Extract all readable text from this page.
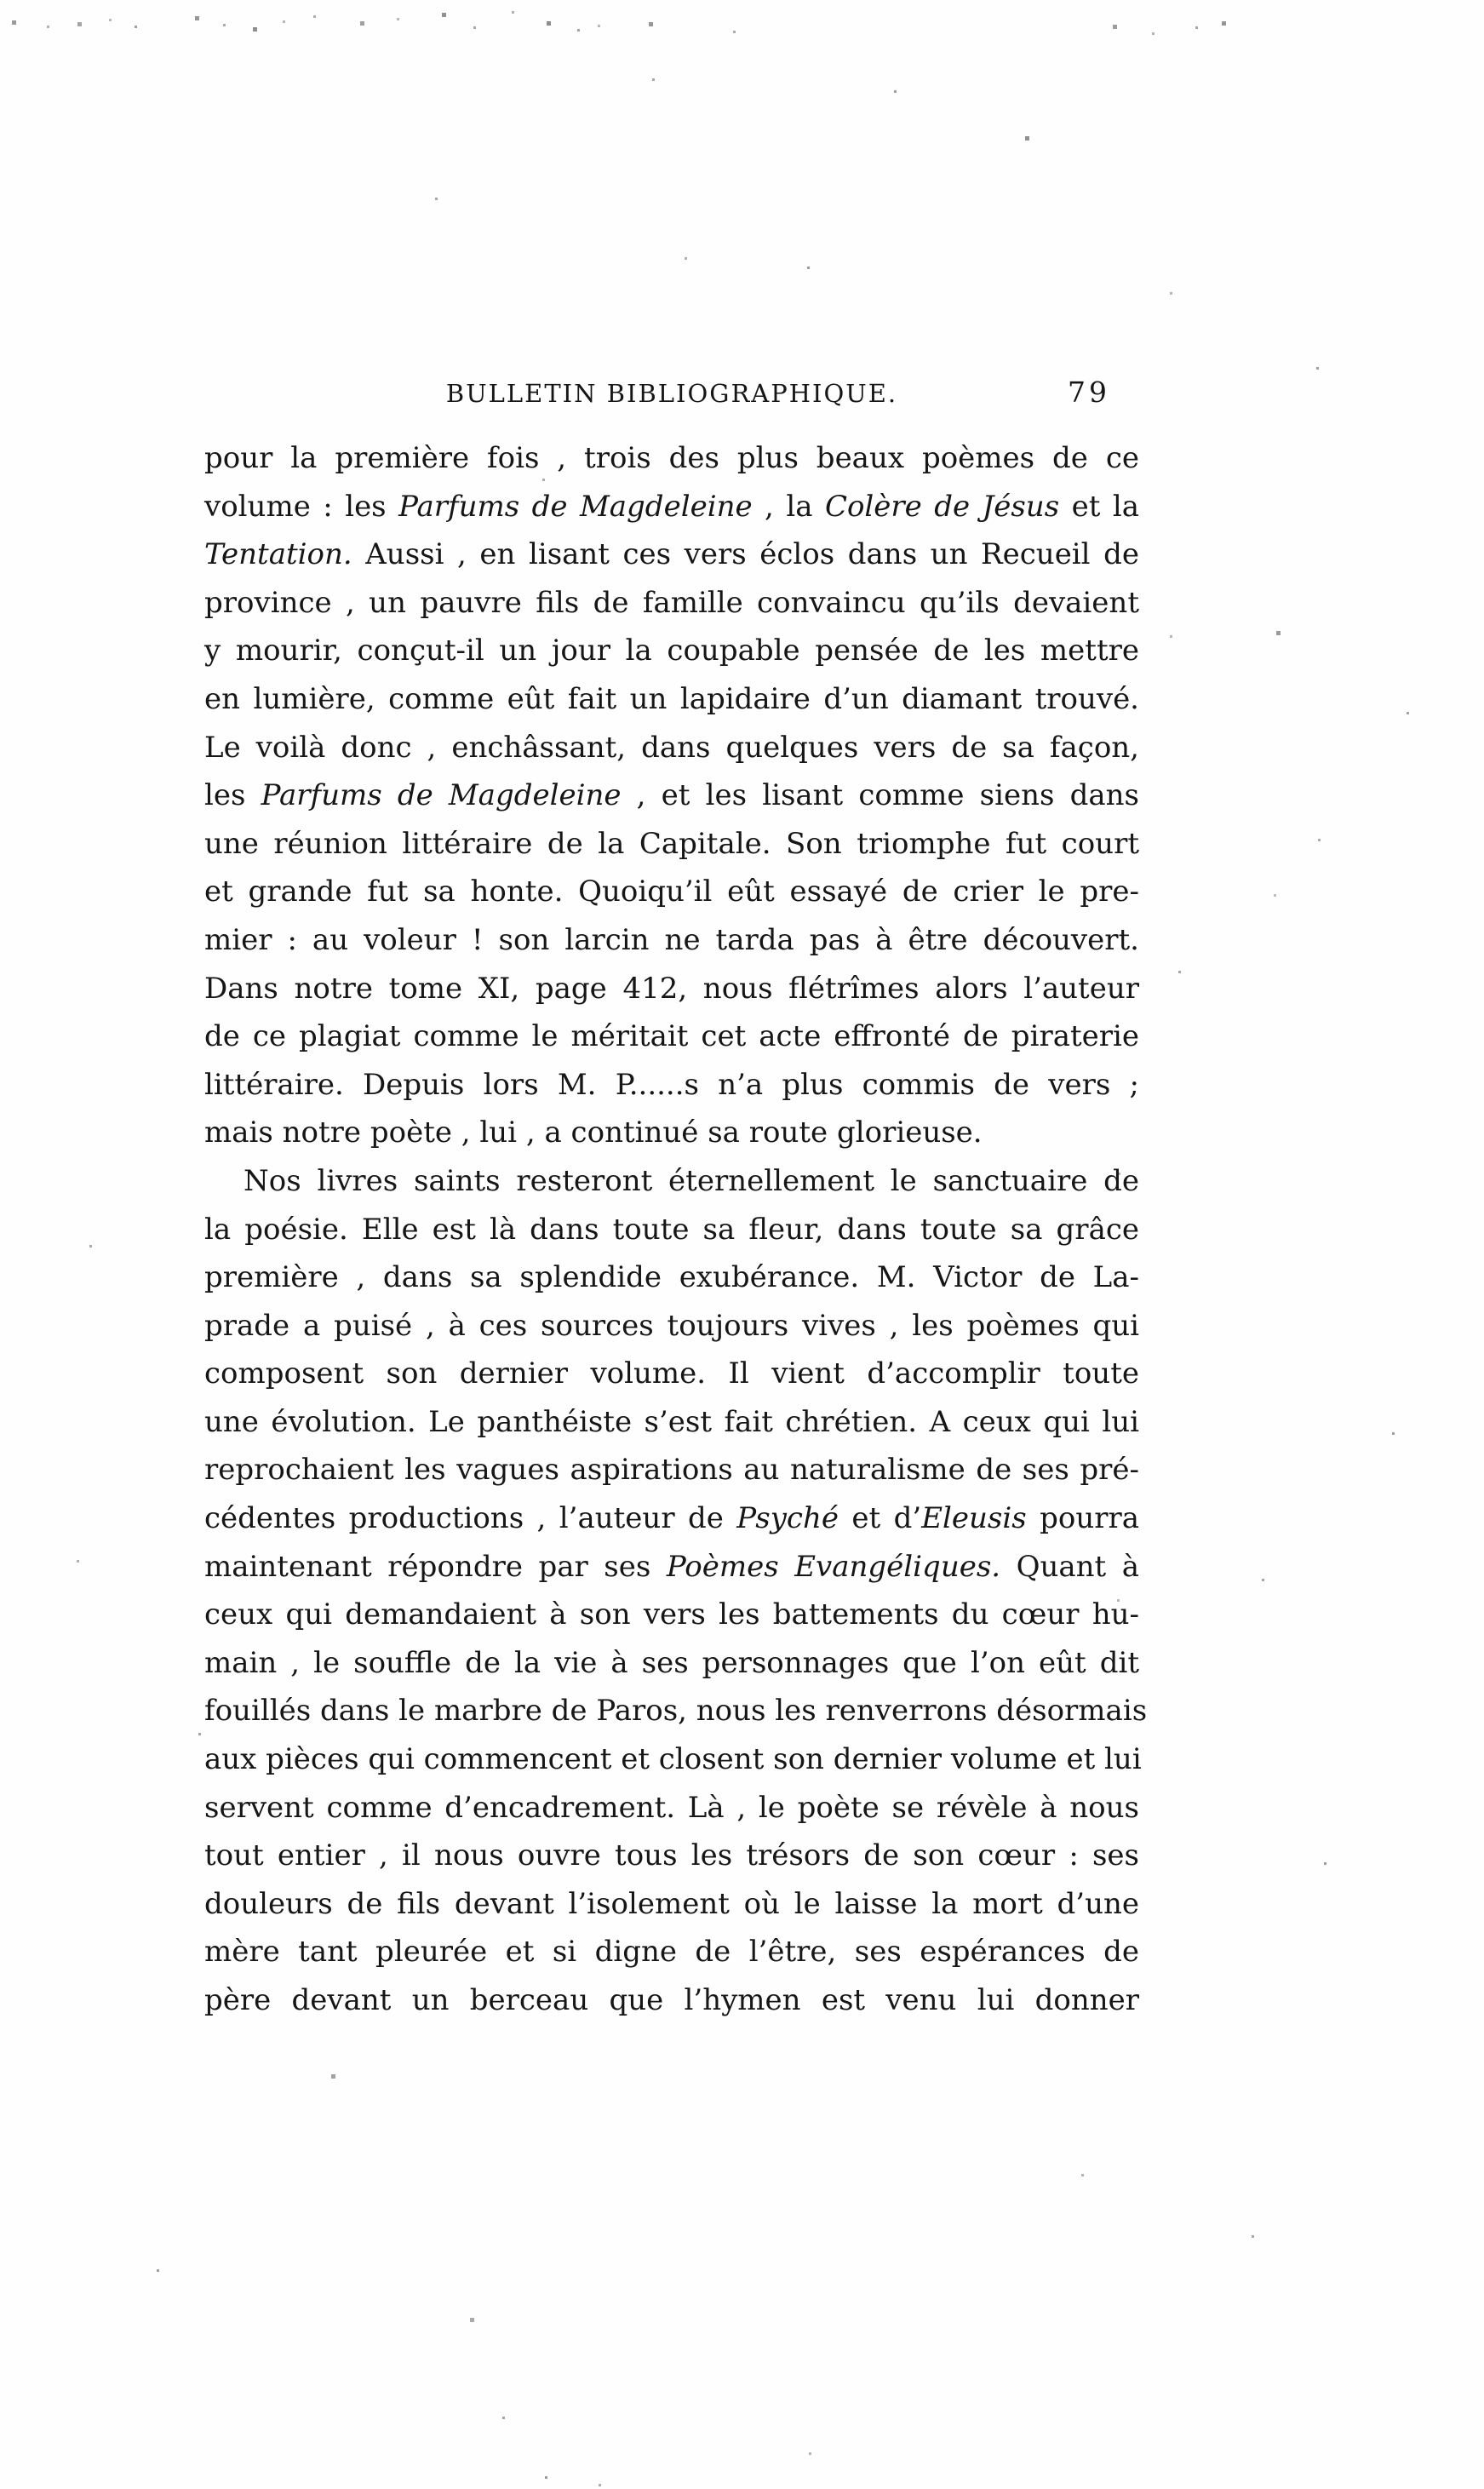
BULLETIN BIBLIOGRAPHIQUE.	79
pour la première fois , trois des plus beaux poèmes de ce
volume : les Parfums de Magdeleine , la Colère de Jésus et la
Tentation. Aussi , en lisant ces vers éclos dans un Recueil de
province , un pauvre fils de famille convaincu qu’ils devaient
y mourir, conçut-il un jour la coupable pensée de les mettre
en lumière, comme eût fait un lapidaire d’un diamant trouvé.
Le voilà donc , enchâssant, dans quelques vers de sa façon,
les Parfums de Magdeleine , et les lisant comme siens dans
une réunion littéraire de la Capitale. Son triomphe fut court
et grande fut sa honte. Quoiqu’il eût essayé de crier le pre-
mier : au voleur ! son larcin ne tarda pas à être découvert.
Dans notre tome XI, page 412, nous flétrîmes alors l’auteur
de ce plagiat comme le méritait cet acte effronté de piraterie
littéraire. Depuis lors M. P......s n’a plus commis de vers ;
mais notre poète , lui , a continué sa route glorieuse.
Nos livres saints resteront éternellement le sanctuaire de
la poésie. Elle est là dans toute sa fleur, dans toute sa grâce
première , dans sa splendide exubérance. M. Victor de La-
prade a puisé , à ces sources toujours vives , les poèmes qui
composent son dernier volume. Il vient d’accomplir toute
une évolution. Le panthéiste s’est fait chrétien. A ceux qui lui
reprochaient les vagues aspirations au naturalisme de ses pré-
cédentes productions , l’auteur de Psyché et d’Eleusis pourra
maintenant répondre par ses Poèmes Evangéliques. Quant à
ceux qui demandaient à son vers les battements du cœur hu-
main , le souffle de la vie à ses personnages que l’on eût dit
fouillés dans le marbre de Paros, nous les renverrons désormais
aux pièces qui commencent et closent son dernier volume et lui
servent comme d’encadrement. Là , le poète se révèle à nous
tout entier , il nous ouvre tous les trésors de son cœur : ses
douleurs de fils devant l’isolement où le laisse la mort d’une
mère tant pleurée et si digne de l’être, ses espérances de
père devant un berceau que l’hymen est venu lui donner
